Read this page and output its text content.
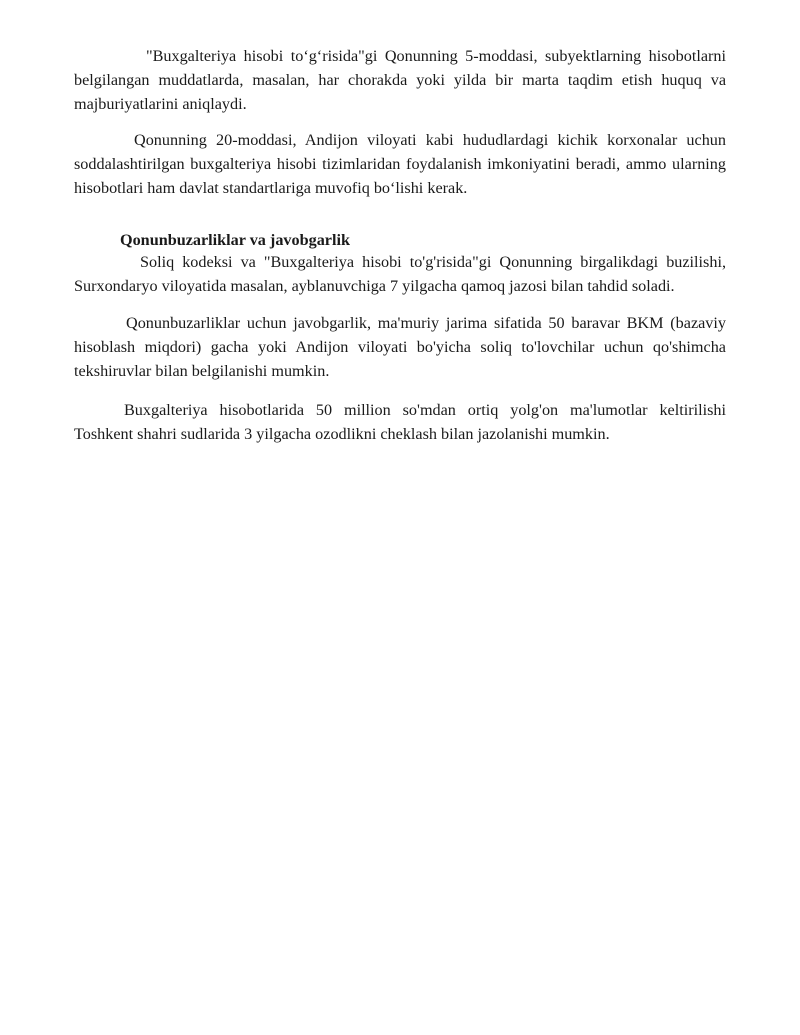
"Buxgalteriya hisobi to‘g‘risida"gi Qonunning 5-moddasi, subyektlarning hisobotlarni belgilangan muddatlarda, masalan, har chorakda yoki yilda bir marta taqdim etish huquq va majburiyatlarini aniqlaydi.

Qonunning 20-moddasi, Andijon viloyati kabi hududlardagi kichik korxonalar uchun soddalashtirilgan buxgalteriya hisobi tizimlaridan foydalanish imkoniyatini beradi, ammo ularning hisobotlari ham davlat standartlariga muvofiq bo‘lishi kerak.

Qonunbuzarliklar va javobgarlik

Soliq kodeksi va "Buxgalteriya hisobi to'g'risida"gi Qonunning birgalikdagi buzilishi, Surxondaryo viloyatida masalan, ayblanuvchiga 7 yilgacha qamoq jazosi bilan tahdid soladi.

Qonunbuzarliklar uchun javobgarlik, ma'muriy jarima sifatida 50 baravar BKM (bazaviy hisoblash miqdori) gacha yoki Andijon viloyati bo'yicha soliq to'lovchilar uchun qo'shimcha tekshiruvlar bilan belgilanishi mumkin.

Buxgalteriya hisobotlarida 50 million so'mdan ortiq yolg'on ma'lumotlar keltirilishi Toshkent shahri sudlarida 3 yilgacha ozodlikni cheklash bilan jazolanishi mumkin.
